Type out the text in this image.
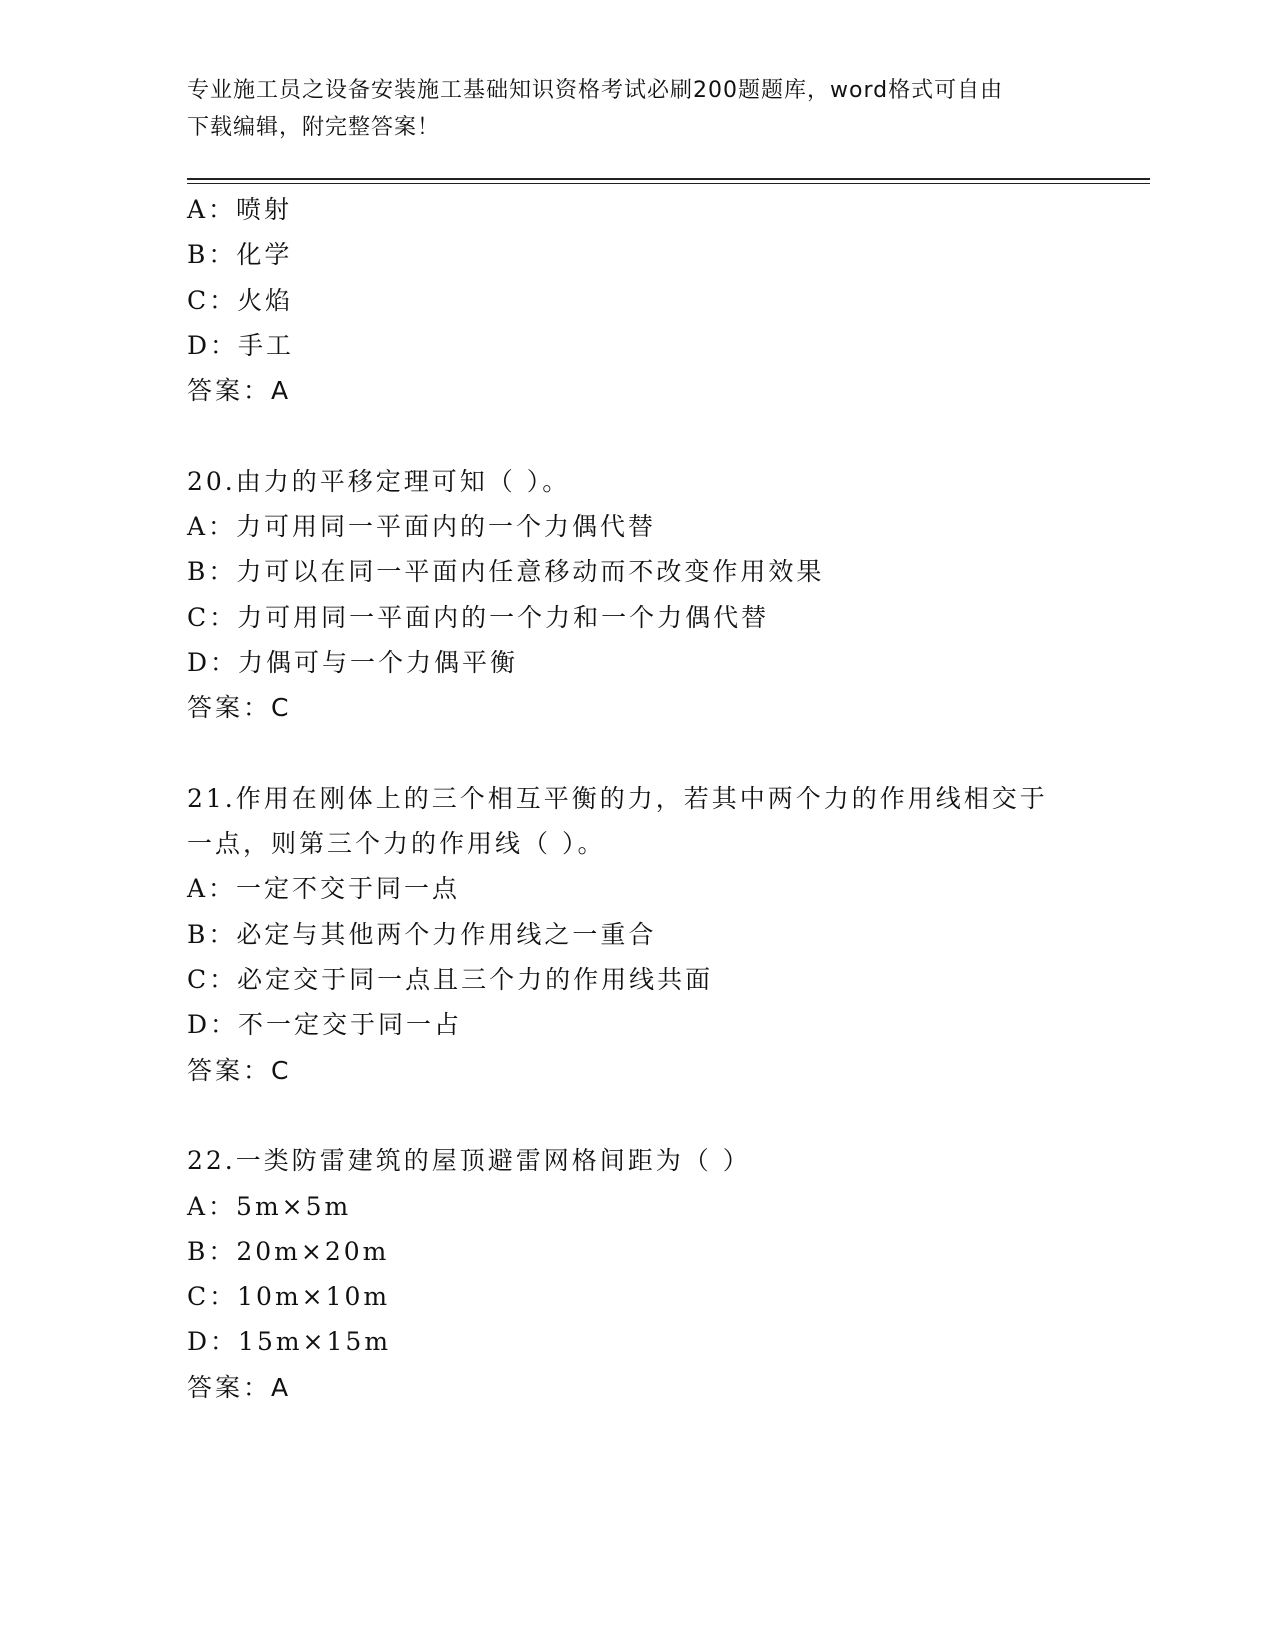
专业施工员之设备安装施工基础知识资格考试必刷200题题库，word格式可自由
下载编辑，附完整答案！
A：喷射
B：化学
C：火焰
D：手工
答案：A
20.由力的平移定理可知（ ）。
A：力可用同一平面内的一个力偶代替
B：力可以在同一平面内任意移动而不改变作用效果
C：力可用同一平面内的一个力和一个力偶代替
D：力偶可与一个力偶平衡
答案：C
21.作用在刚体上的三个相互平衡的力，若其中两个力的作用线相交于
一点，则第三个力的作用线（ ）。
A：一定不交于同一点
B：必定与其他两个力作用线之一重合
C：必定交于同一点且三个力的作用线共面
D：不一定交于同一占
答案：C
22.一类防雷建筑的屋顶避雷网格间距为（ ）
A：5m×5m
B：20m×20m
C：10m×10m
D：15m×15m
答案：A
